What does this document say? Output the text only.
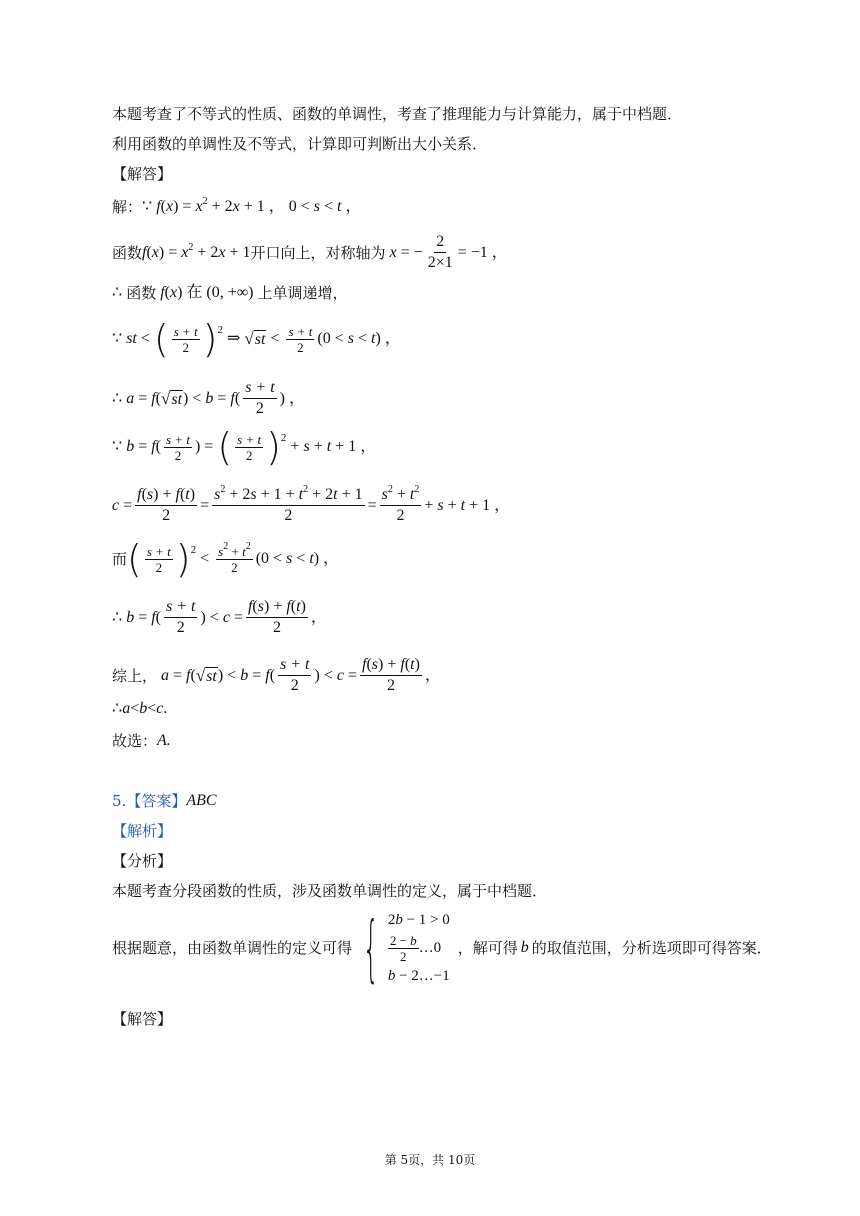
本题考查了不等式的性质、函数的单调性，考查了推理能力与计算能力，属于中档题．
利用函数的单调性及不等式，计算即可判断出大小关系．
【解答】
解： ∵ $f(x) = x^2 + 2x + 1$ ， 0 < s < t ，
函数 $f(x) = x^2 + 2x + 1$ 开口向上，对称轴为 x = − $\frac{2}{2\times 1} = -1$ ，
∴ 函数 f(x) 在 (0, +∞) 上单调递增，
∵ st < ( $\frac{s + t}{2}$ ) 2 ⇒ √ st < $\frac{s + t}{2} (0 < s < t)$ ，
∴ a = f( √ st ) < $b = f( \frac{s + t}{2}$ ) ，
∵ $b = f( \frac{s + t}{2}$ ) = ( $\frac{s + t}{2}$ ) 2 + s + t + 1 ，
$c = \frac{f(s) + f(t)}{2} = \frac{s^2 + 2s + 1 + t^2 + 2t + 1}{2} = \frac{s^2 + t^2}{2} + s + t + 1$ ，
而 ( $\frac{s + t}{2}$ ) $2 < \frac{s^2 + t^2}{2} (0 < s < t)$ ，
∴ $b = f( \frac{s + t}{2}$ ) < $c = \frac{f(s) + f(t)}{2}$ ，
综上， a = f( √ st ) < $b = f( \frac{s + t}{2}$ ) < $c = \frac{f(s) + f(t)}{2}$ ，
∴ a < b < c .
故选： A.
5. 【答案】 ABC
【解析】
【分析】
本题考查分段函数的性质，涉及函数单调性的定义，属于中档题．
根据题意，由函数单调性的定义可得 { 2b − 1 > 0
$\frac{2 - b}{2}$ …0
b − 2…−1
，解可得 b 的取值范围，分析选项即可得答案．
【解答】
第 5页，共 10页
